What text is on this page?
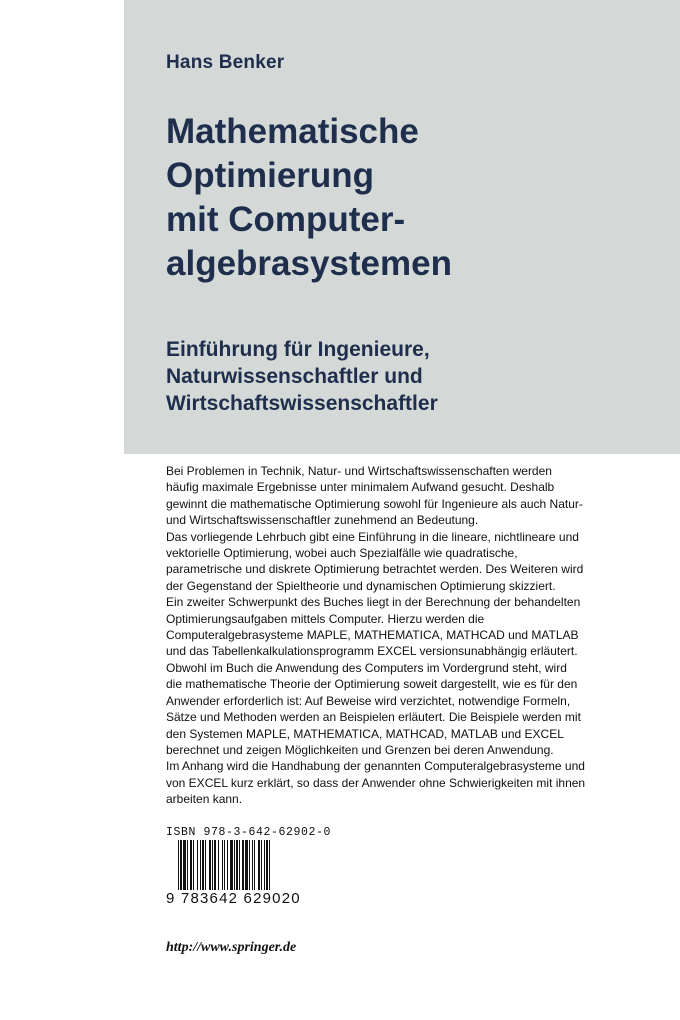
Hans Benker
Mathematische
Optimierung
mit Computer-
algebrasystemen
Einführung für Ingenieure,
Naturwissenschaftler und
Wirtschaftswissenschaftler

Bei Problemen in Technik, Natur- und Wirtschaftswissenschaften werden häufig maximale Ergebnisse unter minimalem Aufwand gesucht. Deshalb gewinnt die mathematische Optimierung sowohl für Ingenieure als auch Natur- und Wirtschaftswissenschaftler zunehmend an Bedeutung.

Das vorliegende Lehrbuch gibt eine Einführung in die lineare, nichtlineare und vektorielle Optimierung, wobei auch Spezialfälle wie quadratische, parametrische und diskrete Optimierung betrachtet werden. Des Weiteren wird der Gegenstand der Spieltheorie und dynamischen Optimierung skizziert.

Ein zweiter Schwerpunkt des Buches liegt in der Berechnung der behandelten Optimierungsaufgaben mittels Computer. Hierzu werden die Computeralgebrasysteme MAPLE, MATHEMATICA, MATHCAD und MATLAB und das Tabellenkalkulationsprogramm EXCEL versionsunabhängig erläutert.

Obwohl im Buch die Anwendung des Computers im Vordergrund steht, wird die mathematische Theorie der Optimierung soweit dargestellt, wie es für den Anwender erforderlich ist: Auf Beweise wird verzichtet, notwendige Formeln, Sätze und Methoden werden an Beispielen erläutert. Die Beispiele werden mit den Systemen MAPLE, MATHEMATICA, MATHCAD, MATLAB und EXCEL berechnet und zeigen Möglichkeiten und Grenzen bei deren Anwendung.

Im Anhang wird die Handhabung der genannten Computeralgebrasysteme und von EXCEL kurz erklärt, so dass der Anwender ohne Schwierigkeiten mit ihnen arbeiten kann.

ISBN 978-3-642-62902-0
9 783642 629020
http://www.springer.de
